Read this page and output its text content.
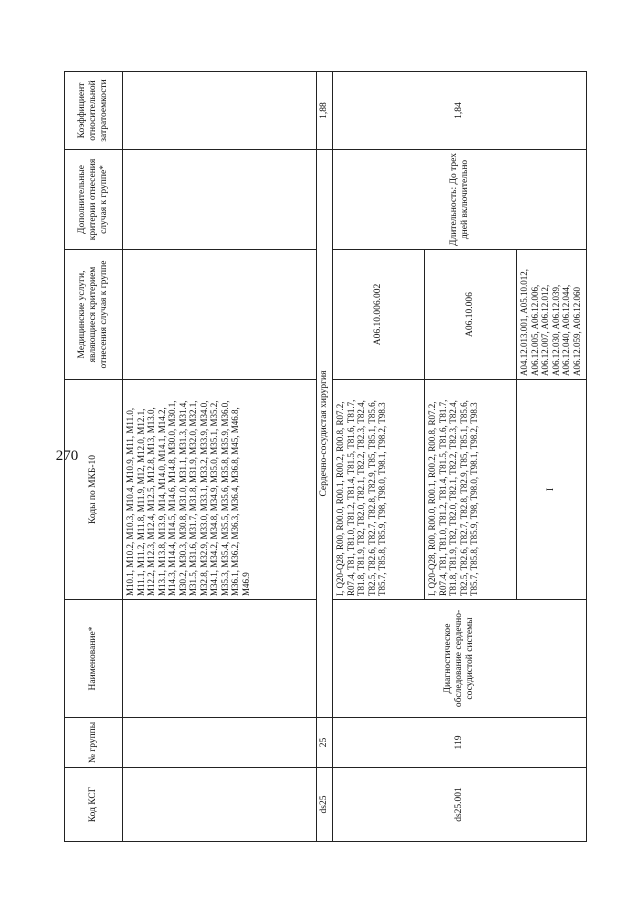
270
Код КСГ	№ группы	Наименование*	Коды по МКБ-10	Медицинские услуги, являющиеся критерием отнесения случая к группе	Дополнительные критерии отнесения случая к группе*	Коэффициент относительной затратоемкости
			M10.1, M10.2, M10.3, M10.4, M10.9, M11, M11.0, M11.1, M11.2, M11.8, M11.9, M12, M12.0, M12.1, M12.2, M12.3, M12.4, M12.5, M12.8, M13, M13.0, M13.1, M13.8, M13.9, M14, M14.0, M14.1, M14.2, M14.3, M14.4, M14.5, M14.6, M14.8, M30.0, M30.1, M30.2, M30.3, M30.8, M31.0, M31.1, M31.3, M31.4, M31.5, M31.6, M31.7, M31.8, M31.9, M32.0, M32.1, M32.8, M32.9, M33.0, M33.1, M33.2, M33.9, M34.0, M34.1, M34.2, M34.8, M34.9, M35.0, M35.1, M35.2, M35.3, M35.4, M35.5, M35.6, M35.8, M35.9, M36.0, M36.1, M36.2, M36.3, M36.4, M36.8, M45, M46.8, M46.9			
ds25	25	Сердечно-сосудистая хирургия				1,88
ds25.001	119	Диагностическое обследование сердечно-сосудистой системы	I, Q20-Q28, R00, R00.0, R00.1, R00.2, R00.8, R07.2, R07.4, T81, T81.0, T81.2, T81.4, T81.5, T81.6, T81.7, T81.8, T81.9, T82, T82.0, T82.1, T82.2, T82.3, T82.4, T82.5, T82.6, T82.7, T82.8, T82.9, T85, T85.1, T85.6, T85.7, T85.8, T85.9, T98, T98.0, T98.1, T98.2, T98.3	A06.10.006.002	Длительность: До трех дней включительно	1,84
			I, Q20-Q28, R00, R00.0, R00.1, R00.2, R00.8, R07.2, R07.4, T81, T81.0, T81.2, T81.4, T81.5, T81.6, T81.7, T81.8, T81.9, T82, T82.0, T82.1, T82.2, T82.3, T82.4, T82.5, T82.6, T82.7, T82.8, T82.9, T85, T85.1, T85.6, T85.7, T85.8, T85.9, T98, T98.0, T98.1, T98.2, T98.3	A06.10.006		
			I	A04.12.013.001, A05.10.012, A06.12.005, A06.12.006, A06.12.007, A06.12.012, A06.12.030, A06.12.039, A06.12.040, A06.12.044, A06.12.059, A06.12.060		
